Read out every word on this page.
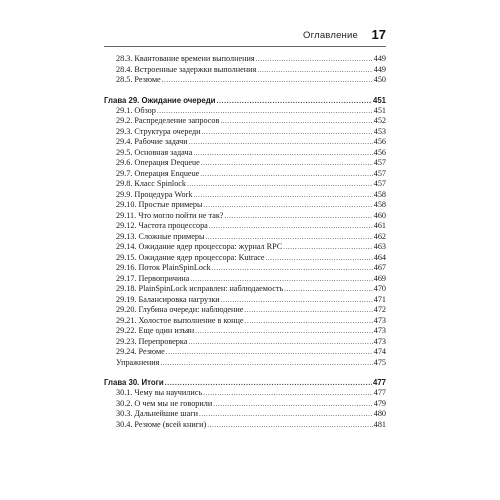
Оглавление 17
28.3. Квантование времени выполнения .....	449
28.4. Встроенные задержки выполнения .....	449
28.5. Резюме .....	450
Глава 29. Ожидание очереди .....	451
29.1. Обзор .....	451
29.2. Распределение запросов .....	452
29.3. Структура очереди .....	453
29.4. Рабочие задачи .....	456
29.5. Основная задача .....	456
29.6. Операция Dequeue .....	457
29.7. Операция Enqueue .....	457
29.8. Класс Spinlock .....	457
29.9. Процедура Work .....	458
29.10. Простые примеры .....	458
29.11. Что могло пойти не так? .....	460
29.12. Частота процессора .....	461
29.13. Сложные примеры .....	462
29.14. Ожидание ядер процессора: журнал RPC .....	463
29.15. Ожидание ядер процессора: Kutrace .....	464
29.16. Поток PlainSpinLock .....	467
29.17. Первопричина .....	469
29.18. PlainSpinLock исправлен: наблюдаемость .....	470
29.19. Балансировка нагрузки .....	471
29.20. Глубина очереди: наблюдение .....	472
29.21. Холостое выполнение в конце .....	473
29.22. Еще один изъян .....	473
29.23. Перепроверка .....	473
29.24. Резюме .....	474
Упражнения .....	475
Глава 30. Итоги .....	477
30.1. Чему вы научились .....	477
30.2. О чем мы не говорили .....	479
30.3. Дальнейшие шаги .....	480
30.4. Резюме (всей книги) .....	481
